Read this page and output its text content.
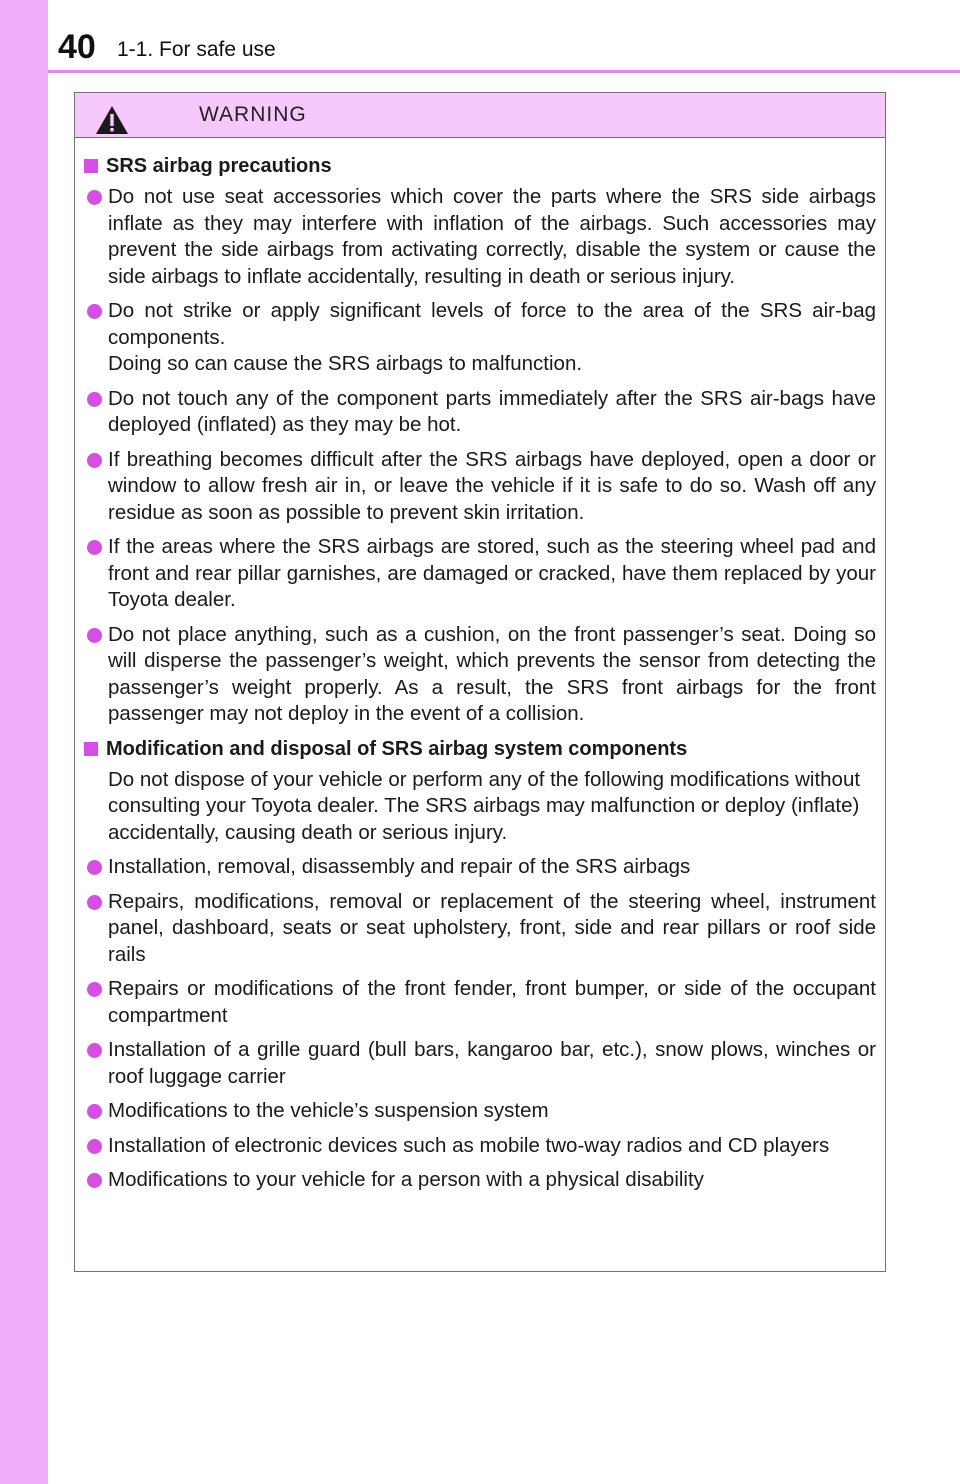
40 1-1. For safe use
WARNING
SRS airbag precautions
Do not use seat accessories which cover the parts where the SRS side airbags inflate as they may interfere with inflation of the airbags. Such accessories may prevent the side airbags from activating correctly, disable the system or cause the side airbags to inflate accidentally, resulting in death or serious injury.
Do not strike or apply significant levels of force to the area of the SRS air-bag components.
Doing so can cause the SRS airbags to malfunction.
Do not touch any of the component parts immediately after the SRS air-bags have deployed (inflated) as they may be hot.
If breathing becomes difficult after the SRS airbags have deployed, open a door or window to allow fresh air in, or leave the vehicle if it is safe to do so. Wash off any residue as soon as possible to prevent skin irritation.
If the areas where the SRS airbags are stored, such as the steering wheel pad and front and rear pillar garnishes, are damaged or cracked, have them replaced by your Toyota dealer.
Do not place anything, such as a cushion, on the front passenger’s seat. Doing so will disperse the passenger’s weight, which prevents the sensor from detecting the passenger’s weight properly. As a result, the SRS front airbags for the front passenger may not deploy in the event of a collision.
Modification and disposal of SRS airbag system components
Do not dispose of your vehicle or perform any of the following modifications without consulting your Toyota dealer. The SRS airbags may malfunction or deploy (inflate) accidentally, causing death or serious injury.
Installation, removal, disassembly and repair of the SRS airbags
Repairs, modifications, removal or replacement of the steering wheel, instrument panel, dashboard, seats or seat upholstery, front, side and rear pillars or roof side rails
Repairs or modifications of the front fender, front bumper, or side of the occupant compartment
Installation of a grille guard (bull bars, kangaroo bar, etc.), snow plows, winches or roof luggage carrier
Modifications to the vehicle’s suspension system
Installation of electronic devices such as mobile two-way radios and CD players
Modifications to your vehicle for a person with a physical disability
